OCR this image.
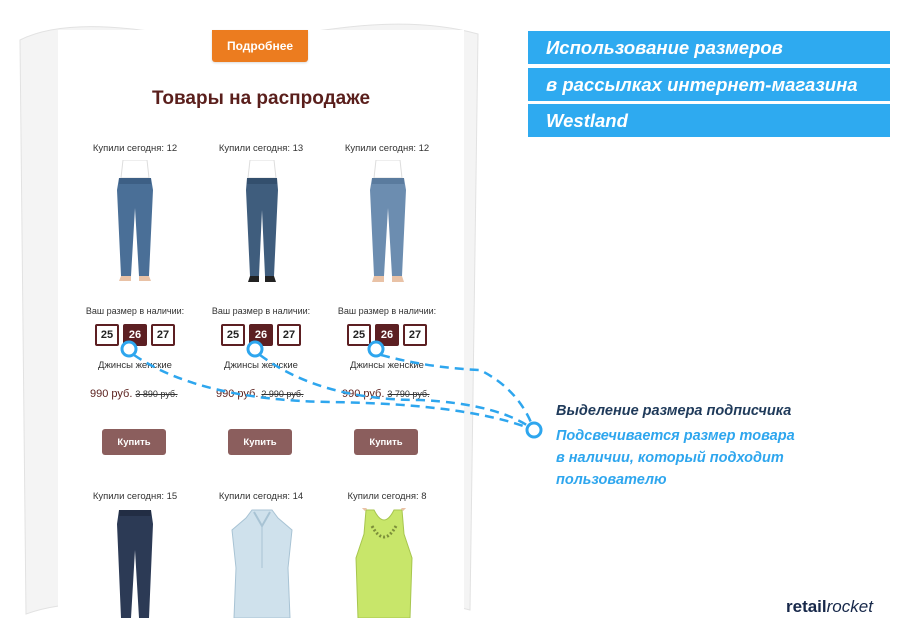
Подробнее
Товары на распродаже
Купили сегодня: 12	Купили сегодня: 13	Купили сегодня: 12
Ваш размер в наличии:	Ваш размер в наличии:	Ваш размер в наличии:
25	26	27	25	26	27	25	26	27
Джинсы женские	Джинсы женские	Джинсы женские
990 руб. 3 890 руб.	990 руб. 2 990 руб.	990 руб. 3 790 руб.
Купить	Купить	Купить
Купили сегодня: 15	Купили сегодня: 14	Купили сегодня: 8
Использование размеров
в рассылках интернет-магазина
Westland
Выделение размера подписчика
Подсвечивается размер товара
в наличии, который подходит
пользователю
retailrocket
